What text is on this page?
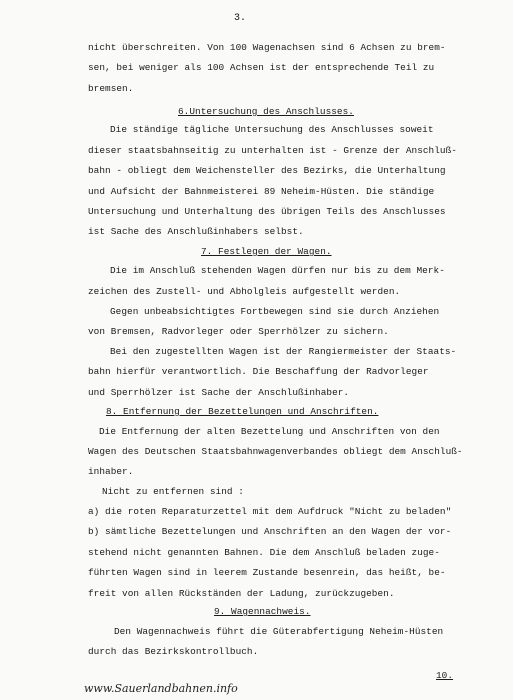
3.
nicht überschreiten. Von 100 Wagenachsen sind 6 Achsen zu brem-
sen, bei weniger als 100 Achsen ist der entsprechende Teil zu
bremsen.
6.Untersuchung des Anschlusses.
Die ständige tägliche Untersuchung des Anschlusses soweit
dieser staatsbahnseitig zu unterhalten ist - Grenze der Anschluß-
bahn - obliegt dem Weichensteller des Bezirks, die Unterhaltung
und Aufsicht der Bahnmeisterei 89 Neheim-Hüsten. Die ständige
Untersuchung und Unterhaltung des übrigen Teils des Anschlusses
ist Sache des Anschlußinhabers selbst.
7. Festlegen der Wagen.
Die im Anschluß stehenden Wagen dürfen nur bis zu dem Merk-
zeichen des Zustell- und Abholgleis aufgestellt werden.
Gegen unbeabsichtigtes Fortbewegen sind sie durch Anziehen
von Bremsen, Radvorleger oder Sperrhölzer zu sichern.
Bei den zugestellten Wagen ist der Rangiermeister der Staats-
bahn hierfür verantwortlich. Die Beschaffung der Radvorleger
und Sperrhölzer ist Sache der Anschlußinhaber.
8. Entfernung der Bezettelungen und Anschriften.
Die Entfernung der alten Bezettelung und Anschriften von den
Wagen des Deutschen Staatsbahnwagenverbandes obliegt dem Anschluß-
inhaber.
Nicht zu entfernen sind :
a) die roten Reparaturzettel mit dem Aufdruck "Nicht zu beladen"
b) sämtliche Bezettelungen und Anschriften an den Wagen der vor-
stehend nicht genannten Bahnen. Die dem Anschluß beladen zuge-
führten Wagen sind in leerem Zustande besenrein, das heißt, be-
freit von allen Rückständen der Ladung, zurückzugeben.
9. Wagennachweis.
Den Wagennachweis führt die Güterabfertigung Neheim-Hüsten
durch das Bezirkskontrollbuch.
10.
www.Sauerlandbahnen.info
